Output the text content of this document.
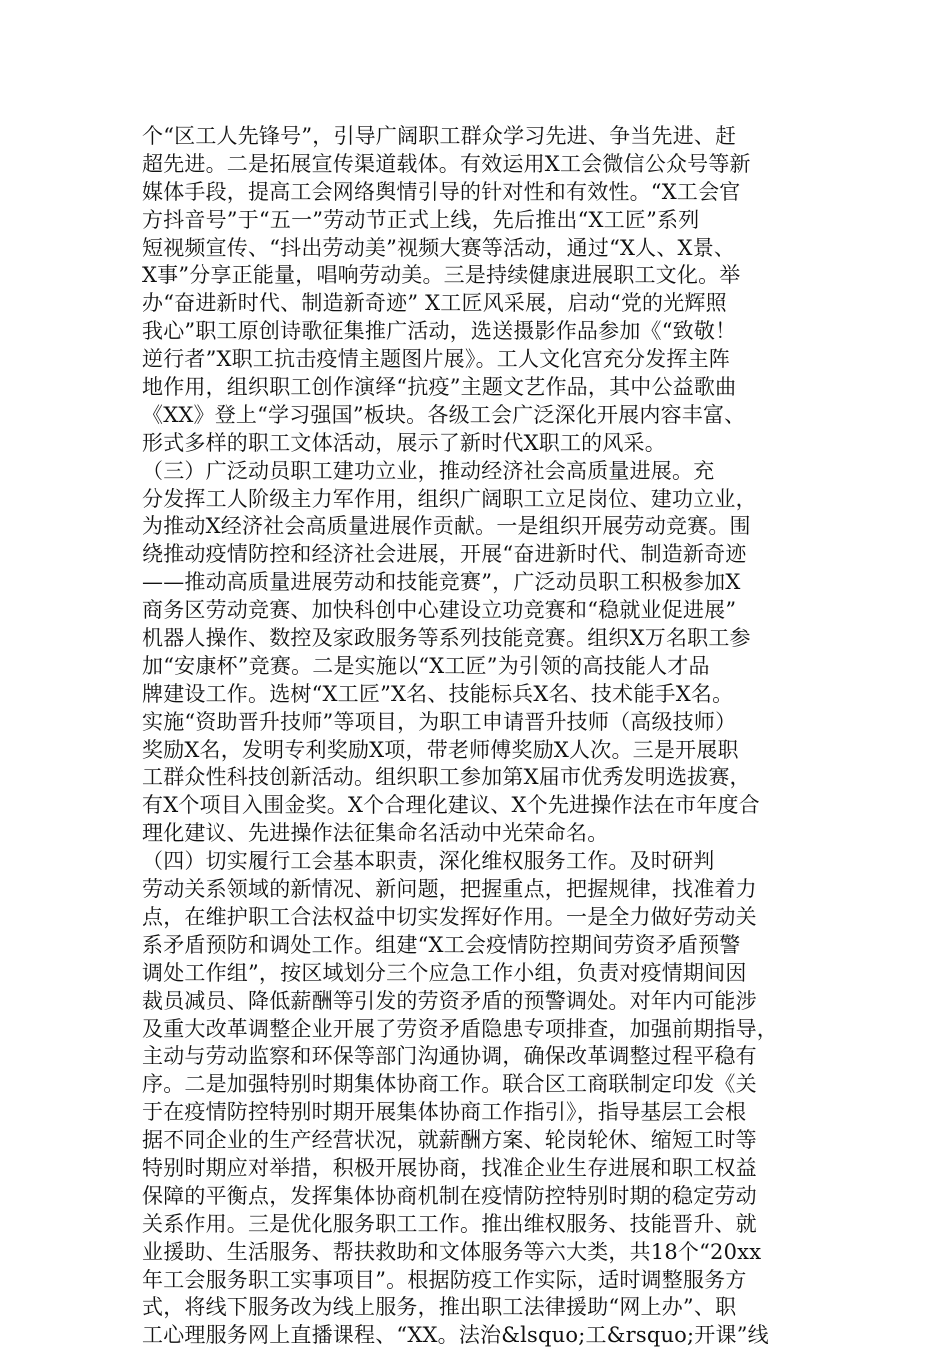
个“区工人先锋号”，引导广阔职工群众学习先进、争当先进、赶
超先进。二是拓展宣传渠道载体。有效运用X工会微信公众号等新
媒体手段，提高工会网络舆情引导的针对性和有效性。“X工会官
方抖音号”于“五一”劳动节正式上线，先后推出“X工匠”系列
短视频宣传、“抖出劳动美”视频大赛等活动，通过“X人、X景、
X事”分享正能量，唱响劳动美。三是持续健康进展职工文化。举
办“奋进新时代、制造新奇迹” X工匠风采展，启动“党的光辉照
我心”职工原创诗歌征集推广活动，选送摄影作品参加《“致敬！
逆行者”X职工抗击疫情主题图片展》。工人文化宫充分发挥主阵
地作用，组织职工创作演绎“抗疫”主题文艺作品，其中公益歌曲
《XX》登上“学习强国”板块。各级工会广泛深化开展内容丰富、
形式多样的职工文体活动，展示了新时代X职工的风采。
（三）广泛动员职工建功立业，推动经济社会高质量进展。充
分发挥工人阶级主力军作用，组织广阔职工立足岗位、建功立业，
为推动X经济社会高质量进展作贡献。一是组织开展劳动竞赛。围
绕推动疫情防控和经济社会进展，开展“奋进新时代、制造新奇迹
——推动高质量进展劳动和技能竞赛”，广泛动员职工积极参加X
商务区劳动竞赛、加快科创中心建设立功竞赛和“稳就业促进展”
机器人操作、数控及家政服务等系列技能竞赛。组织X万名职工参
加“安康杯”竞赛。二是实施以“X工匠”为引领的高技能人才品
牌建设工作。选树“X工匠”X名、技能标兵X名、技术能手X名。
实施“资助晋升技师”等项目，为职工申请晋升技师（高级技师）
奖励X名，发明专利奖励X项，带老师傅奖励X人次。三是开展职
工群众性科技创新活动。组织职工参加第X届市优秀发明选拔赛，
有X个项目入围金奖。X个合理化建议、X个先进操作法在市年度合
理化建议、先进操作法征集命名活动中光荣命名。
（四）切实履行工会基本职责，深化维权服务工作。及时研判
劳动关系领域的新情况、新问题，把握重点，把握规律，找准着力
点，在维护职工合法权益中切实发挥好作用。一是全力做好劳动关
系矛盾预防和调处工作。组建“X工会疫情防控期间劳资矛盾预警
调处工作组”，按区域划分三个应急工作小组，负责对疫情期间因
裁员减员、降低薪酬等引发的劳资矛盾的预警调处。对年内可能涉
及重大改革调整企业开展了劳资矛盾隐患专项排查，加强前期指导，
主动与劳动监察和环保等部门沟通协调，确保改革调整过程平稳有
序。二是加强特别时期集体协商工作。联合区工商联制定印发《关
于在疫情防控特别时期开展集体协商工作指引》，指导基层工会根
据不同企业的生产经营状况，就薪酬方案、轮岗轮休、缩短工时等
特别时期应对举措，积极开展协商，找准企业生存进展和职工权益
保障的平衡点，发挥集体协商机制在疫情防控特别时期的稳定劳动
关系作用。三是优化服务职工工作。推出维权服务、技能晋升、就
业援助、生活服务、帮扶救助和文体服务等六大类，共18个“20xx
年工会服务职工实事项目”。根据防疫工作实际，适时调整服务方
式，将线下服务改为线上服务，推出职工法律援助“网上办”、职
工心理服务网上直播课程、“XX。法治&lsquo;工&rsquo;开课”线
